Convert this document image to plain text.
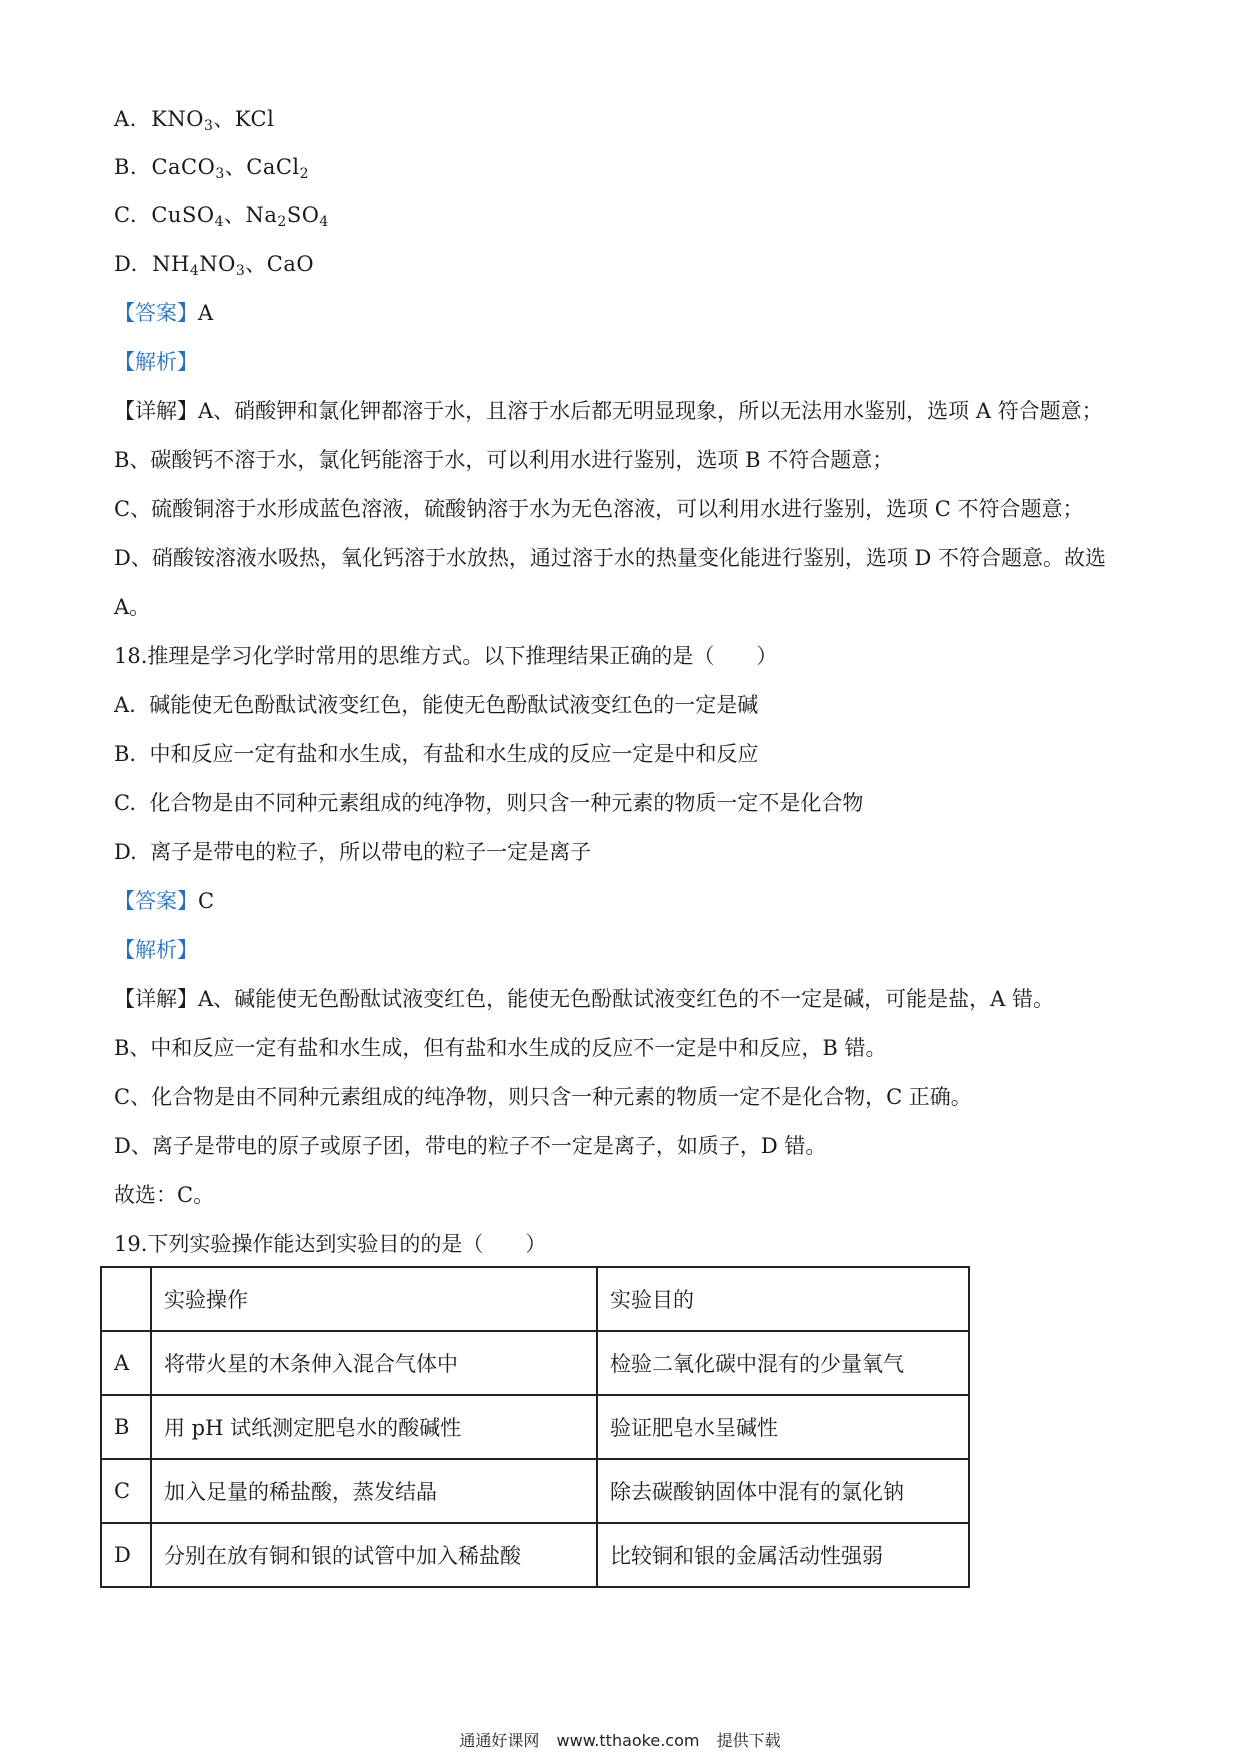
A. $KNO_3$、KCl
B. CaCO$_3$、CaCl$_2$
C. CuSO$_4$、$Na_2SO_4$
D. $NH_4NO_3$、CaO
【答案】A
【解析】
【详解】A、硝酸钾和氯化钾都溶于水，且溶于水后都无明显现象，所以无法用水鉴别，选项 A 符合题意；
B、碳酸钙不溶于水，氯化钙能溶于水，可以利用水进行鉴别，选项 B 不符合题意；
C、硫酸铜溶于水形成蓝色溶液，硫酸钠溶于水为无色溶液，可以利用水进行鉴别，选项 C 不符合题意；
D、硝酸铵溶液水吸热，氧化钙溶于水放热，通过溶于水的热量变化能进行鉴别，选项 D 不符合题意。故选
A。
18.推理是学习化学时常用的思维方式。以下推理结果正确的是（　　）
A. 碱能使无色酚酞试液变红色，能使无色酚酞试液变红色的一定是碱
B. 中和反应一定有盐和水生成，有盐和水生成的反应一定是中和反应
C. 化合物是由不同种元素组成的纯净物，则只含一种元素的物质一定不是化合物
D. 离子是带电的粒子，所以带电的粒子一定是离子
【答案】C
【解析】
【详解】A、碱能使无色酚酞试液变红色，能使无色酚酞试液变红色的不一定是碱，可能是盐，A 错。
B、中和反应一定有盐和水生成，但有盐和水生成的反应不一定是中和反应，B 错。
C、化合物是由不同种元素组成的纯净物，则只含一种元素的物质一定不是化合物，C 正确。
D、离子是带电的原子或原子团，带电的粒子不一定是离子，如质子，D 错。
故选：C。
19.下列实验操作能达到实验目的的是（　　）
	实验操作	实验目的
A	将带火星的木条伸入混合气体中	检验二氧化碳中混有的少量氧气
B	用 pH 试纸测定肥皂水的酸碱性	验证肥皂水呈碱性
C	加入足量的稀盐酸，蒸发结晶	除去碳酸钠固体中混有的氯化钠
D	分别在放有铜和银的试管中加入稀盐酸	比较铜和银的金属活动性强弱
通通好课网 www.tthaoke.com 提供下载
